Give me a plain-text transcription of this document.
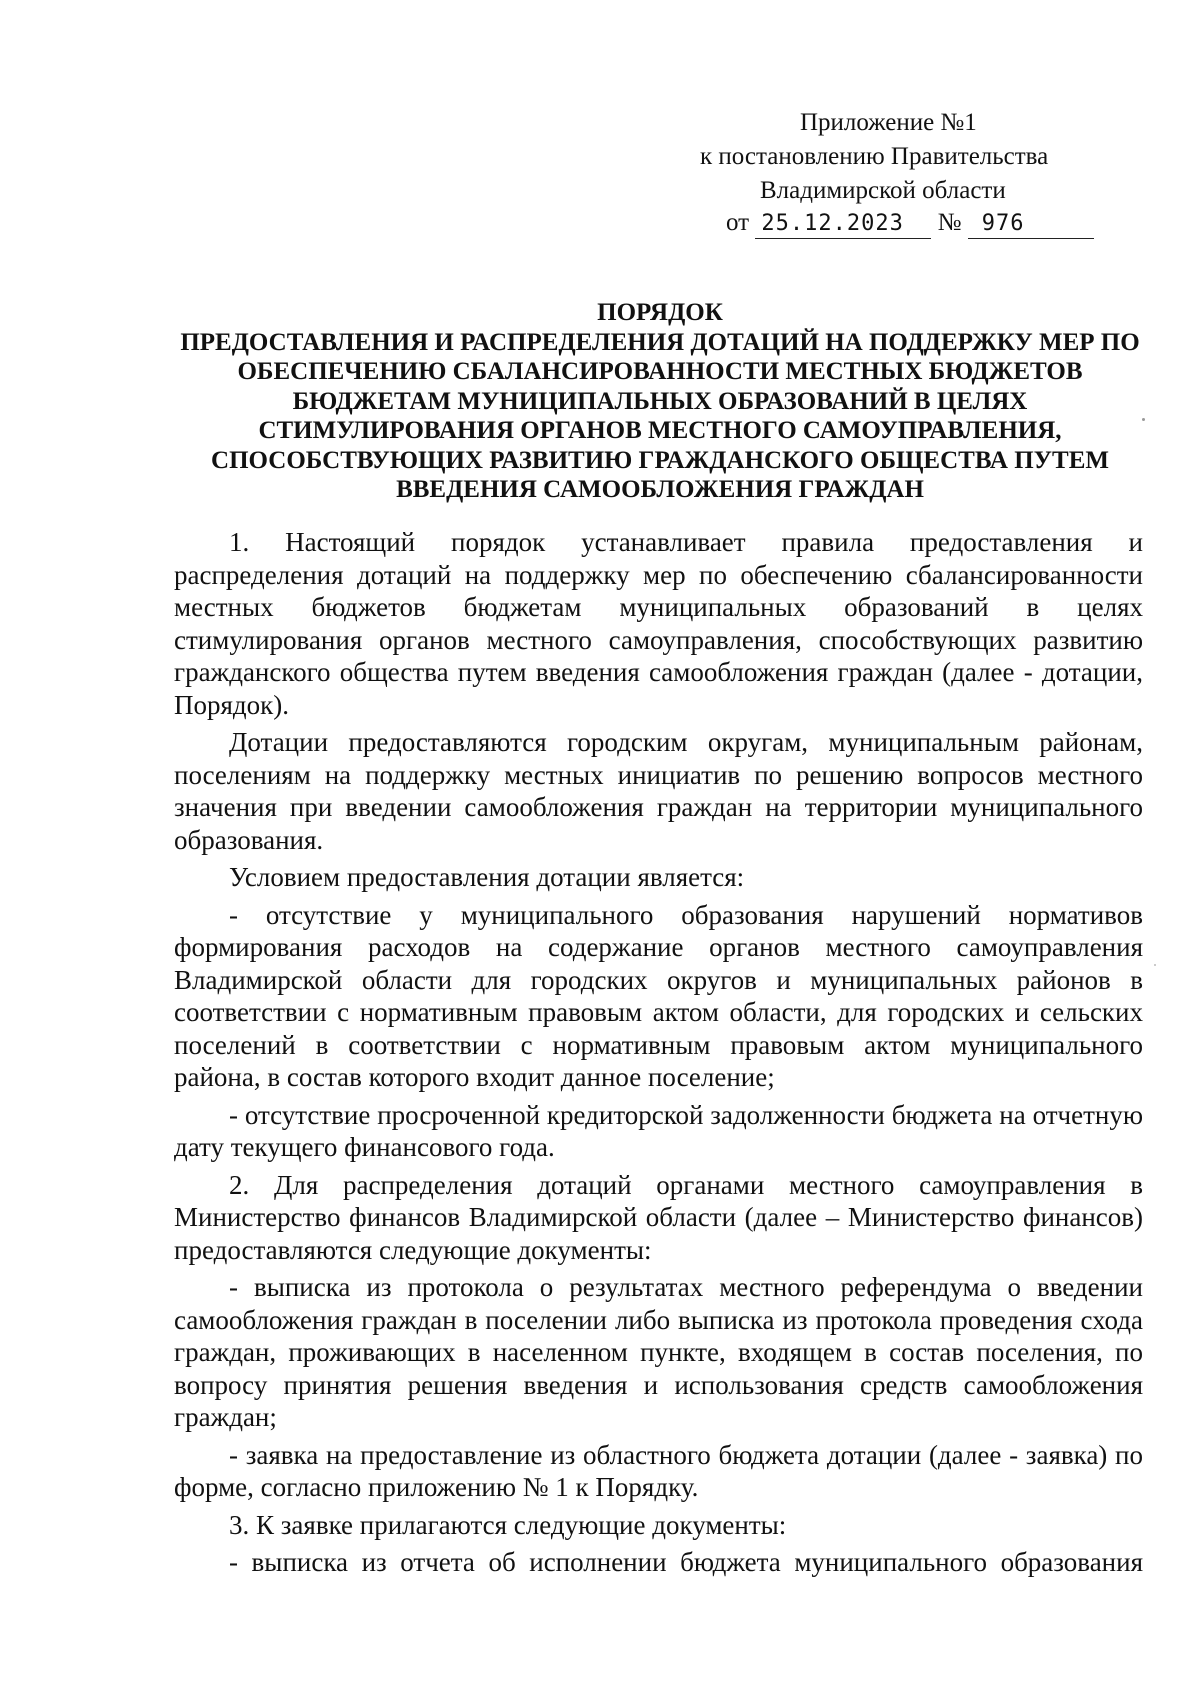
Приложение №1
к постановлению Правительства
Владимирской области
от 25.12.2023 № 976
ПОРЯДОК
ПРЕДОСТАВЛЕНИЯ И РАСПРЕДЕЛЕНИЯ ДОТАЦИЙ НА ПОДДЕРЖКУ МЕР ПО
ОБЕСПЕЧЕНИЮ СБАЛАНСИРОВАННОСТИ МЕСТНЫХ БЮДЖЕТОВ
БЮДЖЕТАМ МУНИЦИПАЛЬНЫХ ОБРАЗОВАНИЙ В ЦЕЛЯХ
СТИМУЛИРОВАНИЯ ОРГАНОВ МЕСТНОГО САМОУПРАВЛЕНИЯ,
СПОСОБСТВУЮЩИХ РАЗВИТИЮ ГРАЖДАНСКОГО ОБЩЕСТВА ПУТЕМ
ВВЕДЕНИЯ САМООБЛОЖЕНИЯ ГРАЖДАН

1. Настоящий порядок устанавливает правила предоставления и распределения дотаций на поддержку мер по обеспечению сбалансированности местных бюджетов бюджетам муниципальных образований в целях стимулирования органов местного самоуправления, способствующих развитию гражданского общества путем введения самообложения граждан (далее - дотации, Порядок).

Дотации предоставляются городским округам, муниципальным районам, поселениям на поддержку местных инициатив по решению вопросов местного значения при введении самообложения граждан на территории муниципального образования.

Условием предоставления дотации является:

- отсутствие у муниципального образования нарушений нормативов формирования расходов на содержание органов местного самоуправления Владимирской области для городских округов и муниципальных районов в соответствии с нормативным правовым актом области, для городских и сельских поселений в соответствии с нормативным правовым актом муниципального района, в состав которого входит данное поселение;

- отсутствие просроченной кредиторской задолженности бюджета на отчетную дату текущего финансового года.

2. Для распределения дотаций органами местного самоуправления в Министерство финансов Владимирской области (далее – Министерство финансов) предоставляются следующие документы:

- выписка из протокола о результатах местного референдума о введении самообложения граждан в поселении либо выписка из протокола проведения схода граждан, проживающих в населенном пункте, входящем в состав поселения, по вопросу принятия решения введения и использования средств самообложения граждан;

- заявка на предоставление из областного бюджета дотации (далее - заявка) по форме, согласно приложению № 1 к Порядку.

3. К заявке прилагаются следующие документы:

- выписка из отчета об исполнении бюджета муниципального образования
